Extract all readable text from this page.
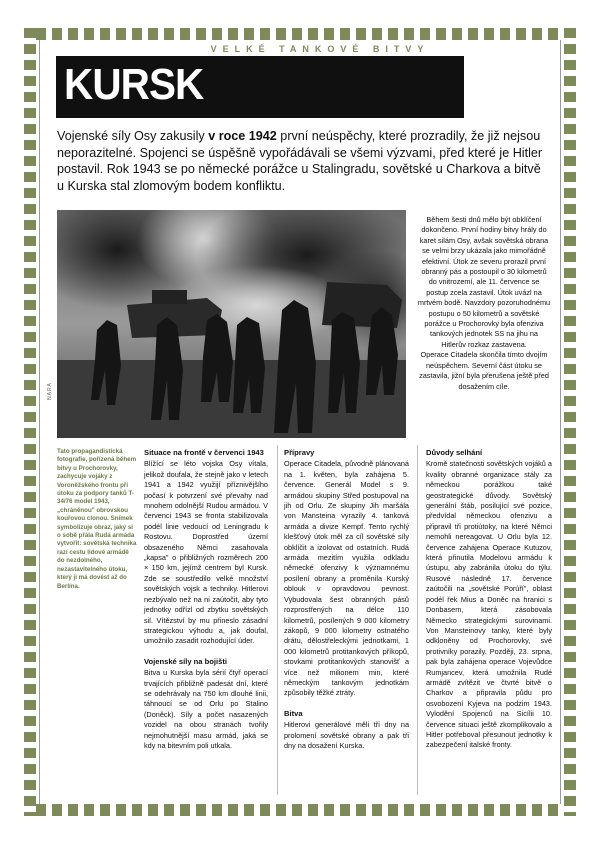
VELKÉ TANKOVÉ BITVY
KURSK
Vojenské síly Osy zakusily v roce 1942 první neúspěchy, které prozradily, že již nejsou neporazitelné. Spojenci se úspěšně vypořádávali se všemi výzvami, před které je Hitler postavil. Rok 1943 se po německé porážce u Stalingradu, sovětské u Charkova a bitvě u Kurska stal zlomovým bodem konfliktu.
NARA
Tato propagandistická fotografie, pořízená během bitvy u Prochorovky, zachycuje vojáky z Voroněžského frontu při útoku za podpory tanků T-34/76 model 1943, „chráněnou" obrovskou kouřovou clonou. Snímek symbolizuje obraz, jaký si o sobě přála Rudá armáda vytvořit: sovětská technika razí cestu lidové armádě do nezdolného, nezastavitelného útoku, který ji má dovést až do Berlína.

Během šesti dnů mělo být obklíčení dokončeno. První hodiny bitvy hrály do karet silám Osy, avšak sovětská obrana se velmi brzy ukázala jako mimořádně efektivní. Útok ze severu prorazil první obranný pás a postoupil o 30 kilometrů do vnitrozemí, ale 11. července se postup zcela zastavil. Útok uvázl na mrtvém bodě. Navzdory pozoruhodnému postupu o 50 kilometrů a sovětské porážce u Prochorovky byla ofenziva tankových jednotek SS na jihu na Hitlerův rozkaz zastavena.

Operace Citadela skončila tímto dvojím neúspěchem. Severní část útoku se zastavila, jižní byla přerušena ještě před dosažením cíle.

Situace na frontě v červenci 1943

Blížící se léto vojska Osy vítala, jelikož doufala, že stejně jako v letech 1941 a 1942 využijí příznivějšího počasí k potvrzení své převahy nad mnohem odolnější Rudou armádou. V červenci 1943 se fronta stabilizovala podél linie vedoucí od Leningradu k Rostovu. Doprostřed území obsazeného Němci zasahovala „kapsa" o přibližných rozměrech 200 × 150 km, jejímž centrem byl Kursk. Zde se soustředilo velké množství sovětských vojsk a techniky. Hitlerovi nezbývalo než na ni zaútočit, aby tyto jednotky odřízl od zbytku sovětských sil. Vítězství by mu přineslo zásadní strategickou výhodu a, jak doufal, umožnilo zasadit rozhodující úder.

Vojenské síly na bojišti

Bitva u Kurska byla sérií čtyř operací trvajících přibližně padesát dní, které se odehrávaly na 750 km dlouhé linii, táhnoucí se od Orlu po Stalino (Doněck). Síly a počet nasazených vozidel na obou stranách tvořily nejmohutnější masu armád, jaká se kdy na bitevním poli utkala.

Přípravy

Operace Citadela, původně plánovaná na 1. květen, byla zahájena 5. července. Generál Model s 9. armádou skupiny Střed postupoval na jih od Orlu. Ze skupiny Jih maršála von Mansteina vyrazily 4. tanková armáda a divize Kempf. Tento rychlý klešťový útok měl za cíl sovětské síly obklíčit a izolovat od ostatních. Rudá armáda mezitím využila odkladu německé ofenzivy k významnému posílení obrany a proměnila Kurský oblouk v opravdovou pevnost. Vybudovala šest obranných pásů rozprostřených na délce 110 kilometrů, posílených 9 000 kilometry zákopů, 9 000 kilometry ostnatého drátu, dělostřeleckými jednotkami, 1 000 kilometrů protitankových příkopů, stovkami protitankových stanovišť a více než milionem min, které německým tankovým jednotkám způsobily těžké ztráty.

Bitva

Hitlerovi generálové měli tři dny na prolomení sovětské obrany a pak tři dny na dosažení Kurska.

Důvody selhání

Kromě statečnosti sovětských vojáků a kvality obranné organizace stály za německou porážkou také geostrategické důvody. Sovětský generální štáb, posilující své pozice, předvídal německou ofenzivu a připravil tři protiútoky, na které Němci nemohli nereagovat. U Orlu byla 12. července zahájena Operace Kutuzov, která přinutila Modelovu armádu k ústupu, aby zabránila útoku do týlu. Rusové následně 17. července zaútočili na „sovětské Porúří", oblast podél řek Mius a Doněc na hranici s Donbasem, která zásobovala Německo strategickými surovinami. Von Mansteinovy tanky, které byly odkloněny od Prochorovky, své protivníky porazily. Později, 23. srpna, pak byla zahájena operace Vojevůdce Rumjancev, která umožnila Rudé armádě zvítězit ve čtvrté bitvě o Charkov a připravila půdu pro osvobození Kyjeva na podzim 1943. Vylodění Spojenců na Sicílii 10. července situaci ještě zkomplikovalo a Hitler potřeboval přesunout jednotky k zabezpečení italské fronty.
